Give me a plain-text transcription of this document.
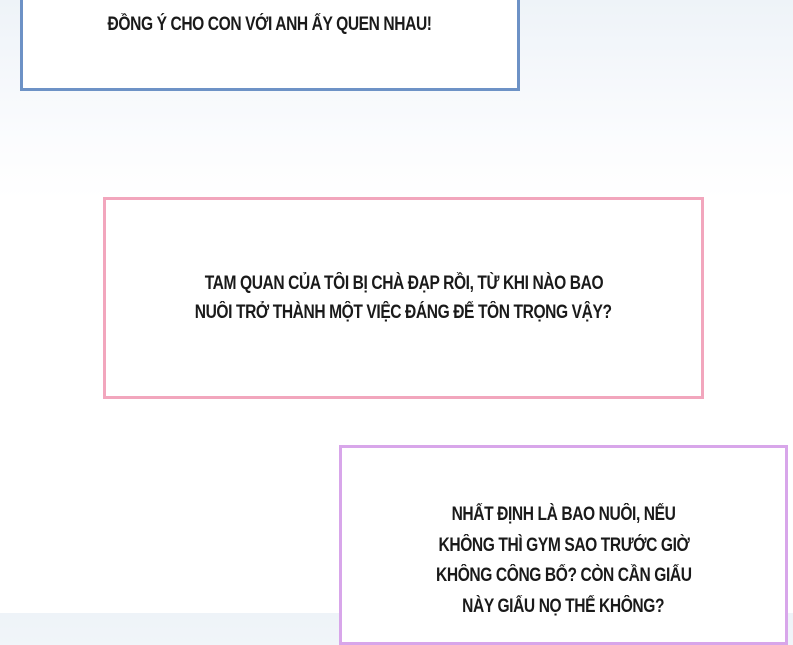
ĐỒNG Ý CHO CON VỚI ANH ẤY QUEN NHAU!
TAM QUAN CỦA TÔI BỊ CHÀ ĐẠP RỒI, TỪ KHI NÀO BAO
NUÔI TRỞ THÀNH MỘT VIỆC ĐÁNG ĐỂ TÔN TRỌNG VẬY?
NHẤT ĐỊNH LÀ BAO NUÔI, NẾU
KHÔNG THÌ GYM SAO TRƯỚC GIỜ
KHÔNG CÔNG BỐ? CÒN CẦN GIẤU
NÀY GIẤU NỌ THẾ KHÔNG?
